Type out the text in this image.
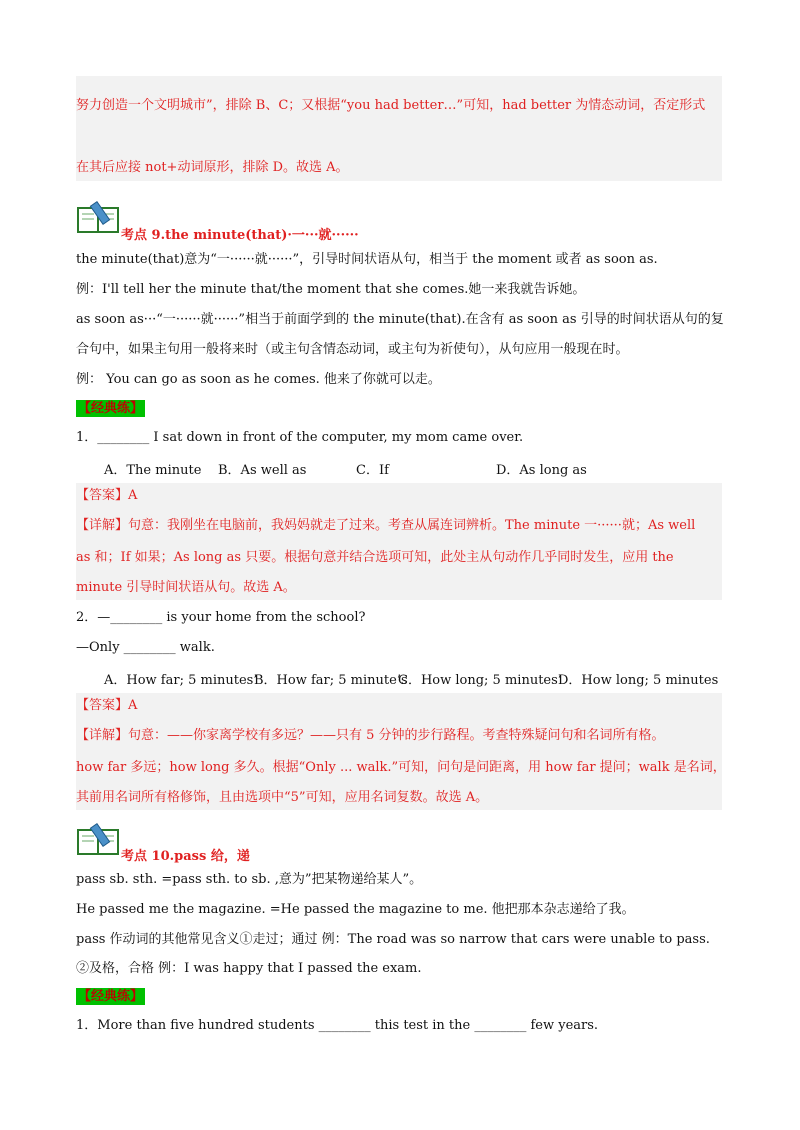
努力创造一个文明城市”，排除 B、C；又根据“you had better…”可知，had better 为情态动词，否定形式
在其后应接 not+动词原形，排除 D。故选 A。
考点 9.the minute(that)·一···就······
the minute(that)意为“一······就······”，引导时间状语从句，相当于 the moment 或者 as soon as.
例：I'll tell her the minute that/the moment that she comes.她一来我就告诉她。
as soon as···“一······就······”相当于前面学到的 the minute(that).在含有 as soon as 引导的时间状语从句的复
合句中，如果主句用一般将来时（或主句含情态动词，或主句为祈使句），从句应用一般现在时。
例： You can go as soon as he comes. 他来了你就可以走。
【经典练】
1．________ I sat down in front of the computer, my mom came over.
A．The minute B．As well as	C．If	D．As long as
【答案】A
【详解】句意：我刚坐在电脑前，我妈妈就走了过来。考查从属连词辨析。The minute 一······就；As well
as 和；If 如果；As long as 只要。根据句意并结合选项可知，此处主从句动作几乎同时发生，应用 the
minute 引导时间状语从句。故选 A。
2．—________ is your home from the school?
—Only ________ walk.
A．How far; 5 minutes’
B．How far; 5 minute’s
C．How long; 5 minutes’
D．How long; 5 minutes
【答案】A
【详解】句意：——你家离学校有多远？——只有 5 分钟的步行路程。考查特殊疑问句和名词所有格。
how far 多远；how long 多久。根据“Only ... walk.”可知，问句是问距离，用 how far 提问；walk 是名词，
其前用名词所有格修饰，且由选项中“5”可知，应用名词复数。故选 A。
考点 10.pass 给，递
pass sb. sth. =pass sth. to sb. ,意为”把某物递给某人”。
He passed me the magazine. =He passed the magazine to me. 他把那本杂志递给了我。
pass 作动词的其他常见含义①走过；通过 例：The road was so narrow that cars were unable to pass.
②及格，合格 例：I was happy that I passed the exam.
【经典练】
1．More than five hundred students ________ this test in the ________ few years.
